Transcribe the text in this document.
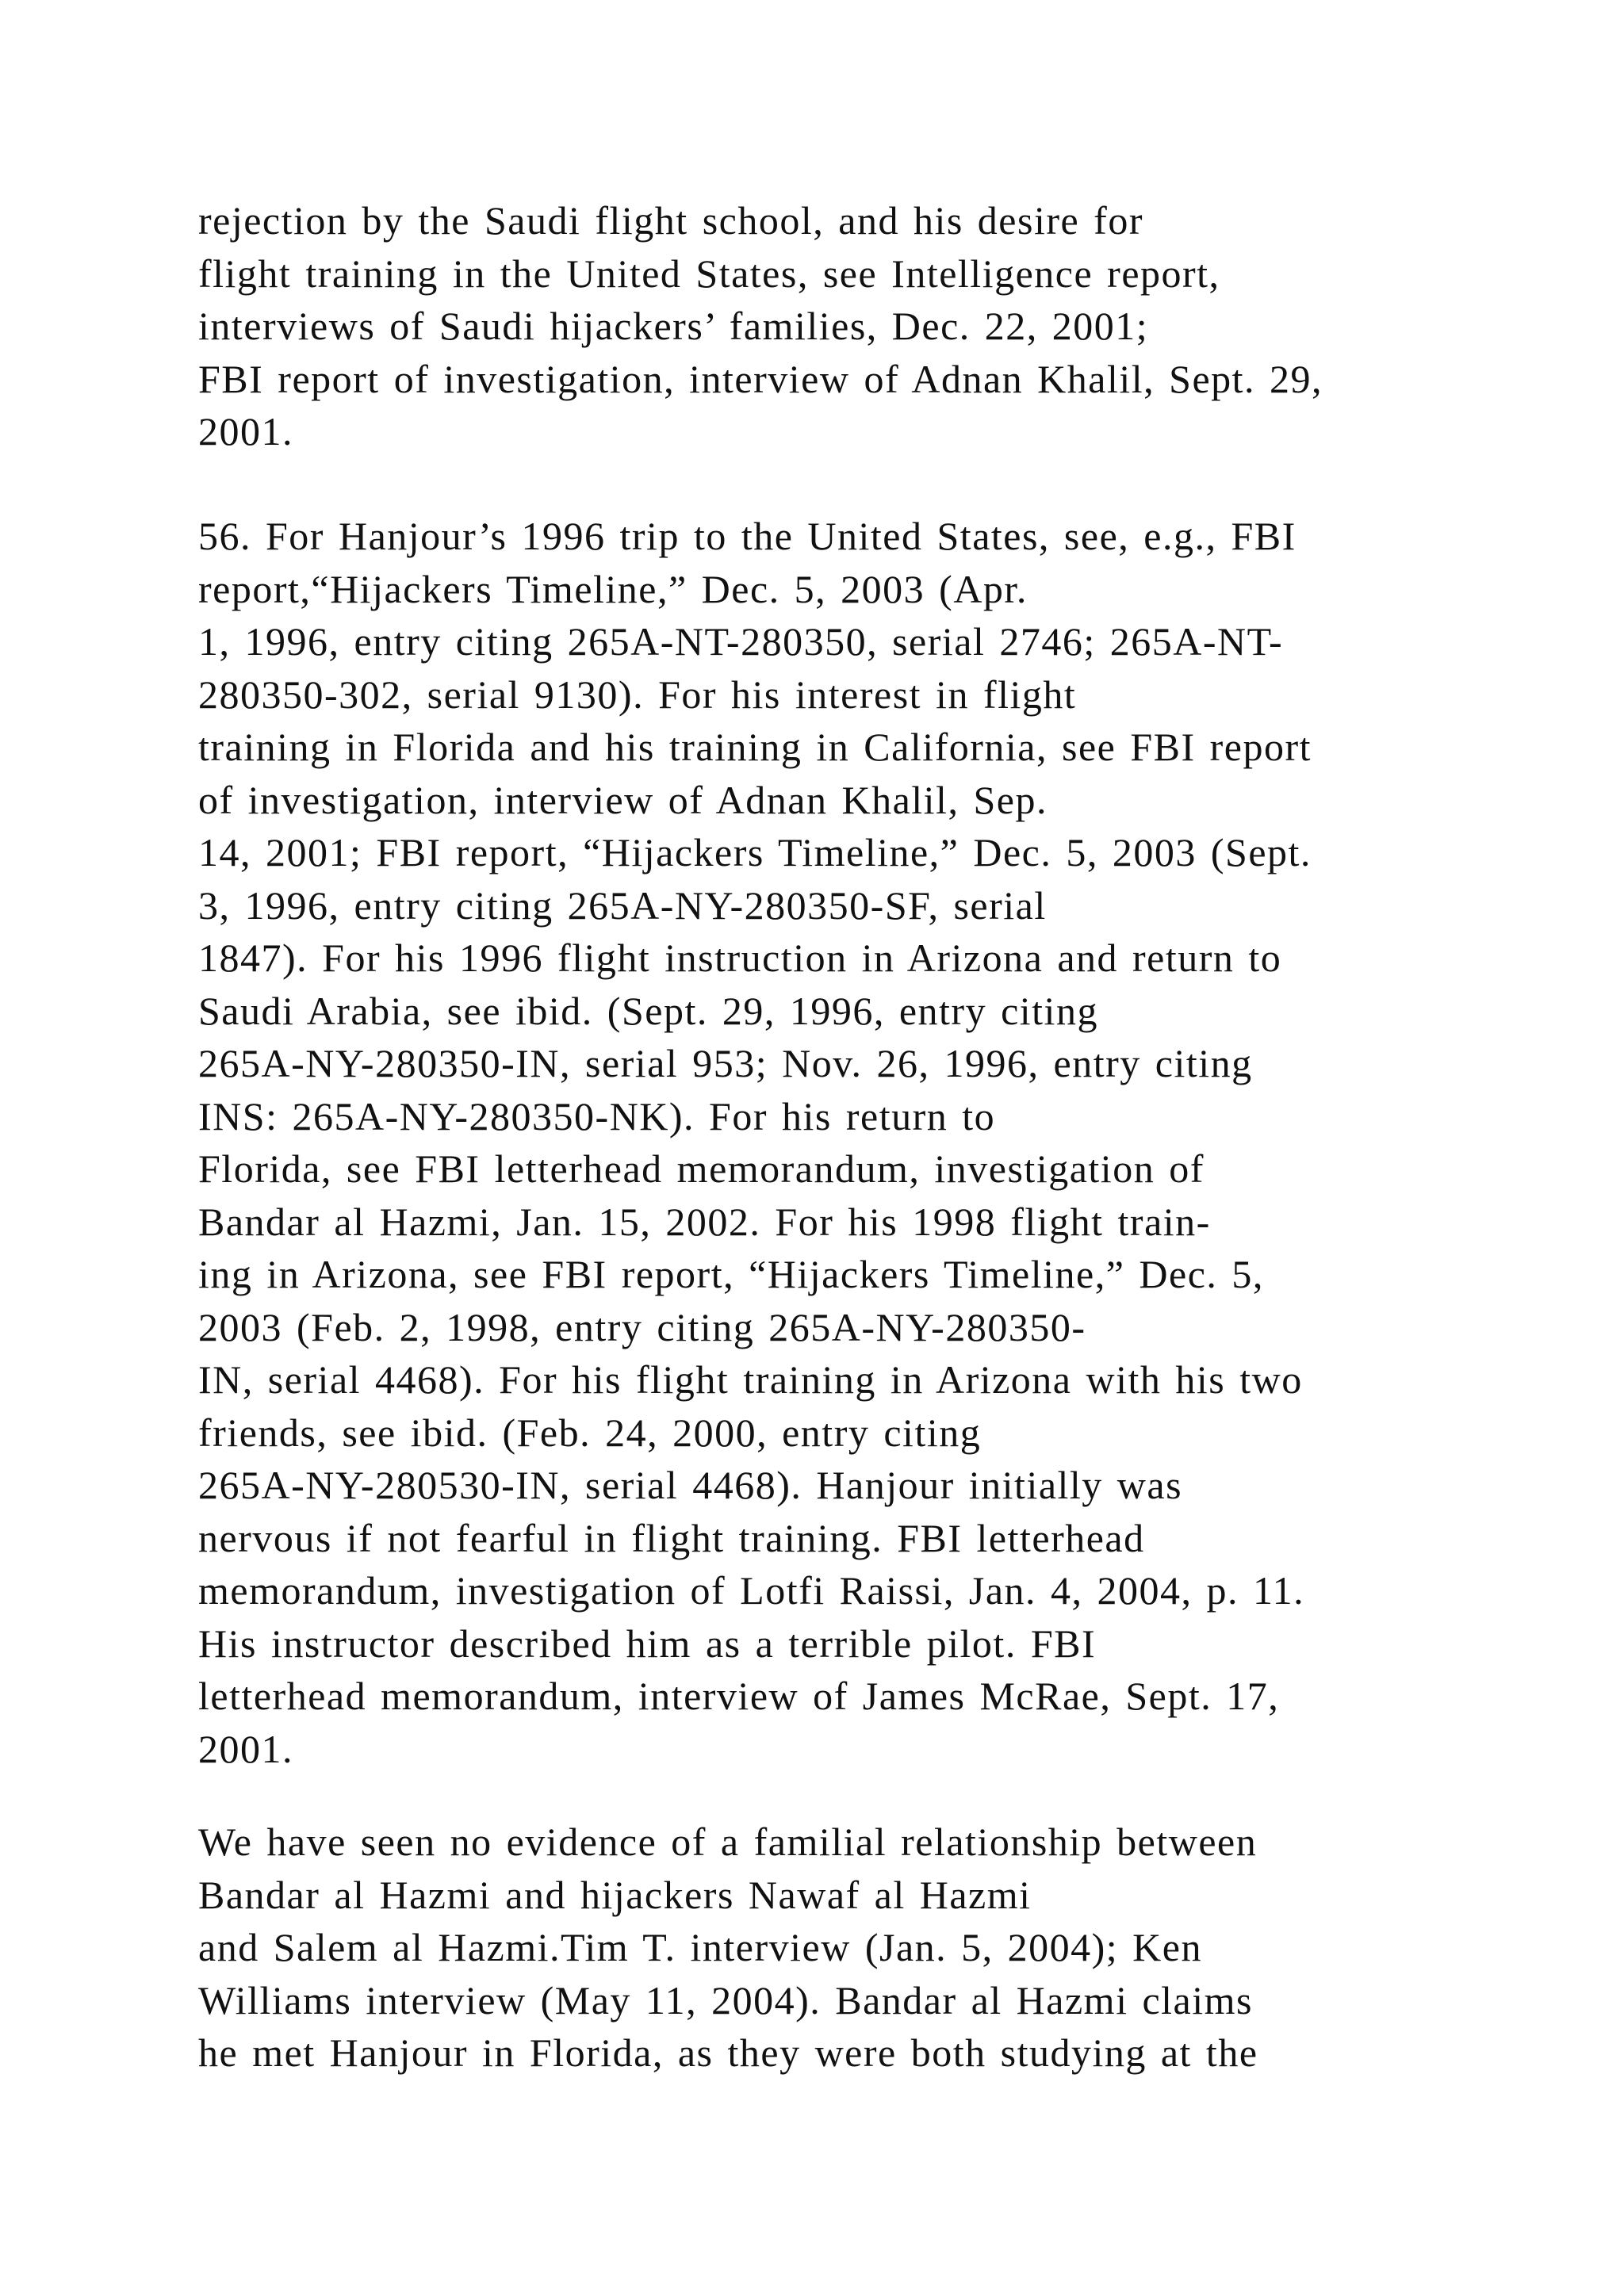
rejection by the Saudi flight school, and his desire for
flight training in the United States, see Intelligence report,
interviews of Saudi hijackers’ families, Dec. 22, 2001;
FBI report of investigation, interview of Adnan Khalil, Sept. 29,
2001.
56. For Hanjour’s 1996 trip to the United States, see, e.g., FBI
report,“Hijackers Timeline,” Dec. 5, 2003 (Apr.
1, 1996, entry citing 265A-NT-280350, serial 2746; 265A-NT-
280350-302, serial 9130). For his interest in flight
training in Florida and his training in California, see FBI report
of investigation, interview of Adnan Khalil, Sep.
14, 2001; FBI report, “Hijackers Timeline,” Dec. 5, 2003 (Sept.
3, 1996, entry citing 265A-NY-280350-SF, serial
1847). For his 1996 flight instruction in Arizona and return to
Saudi Arabia, see ibid. (Sept. 29, 1996, entry citing
265A-NY-280350-IN, serial 953; Nov. 26, 1996, entry citing
INS: 265A-NY-280350-NK). For his return to
Florida, see FBI letterhead memorandum, investigation of
Bandar al Hazmi, Jan. 15, 2002. For his 1998 flight train-
ing in Arizona, see FBI report, “Hijackers Timeline,” Dec. 5,
2003 (Feb. 2, 1998, entry citing 265A-NY-280350-
IN, serial 4468). For his flight training in Arizona with his two
friends, see ibid. (Feb. 24, 2000, entry citing
265A-NY-280530-IN, serial 4468). Hanjour initially was
nervous if not fearful in flight training. FBI letterhead
memorandum, investigation of Lotfi Raissi, Jan. 4, 2004, p. 11.
His instructor described him as a terrible pilot. FBI
letterhead memorandum, interview of James McRae, Sept. 17,
2001.
We have seen no evidence of a familial relationship between
Bandar al Hazmi and hijackers Nawaf al Hazmi
and Salem al Hazmi.Tim T. interview (Jan. 5, 2004); Ken
Williams interview (May 11, 2004). Bandar al Hazmi claims
he met Hanjour in Florida, as they were both studying at the
